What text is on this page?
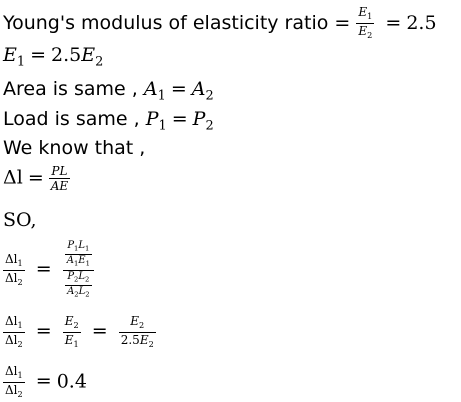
Young's modulus of elasticity ratio = $\frac{E_1}{E_2} = 2.5$
$E_1 = 2.5E_2$
Area is same , $A_1 = A_2$
Load is same , $P_1 = P_2$
We know that ,
$\Delta l = \frac{PL}{AE}$
SO,
$\frac{\Delta l_1}{\Delta l_2} = \frac{\frac{P_1L_1}{A_1E_1}}{\frac{P_2L_2}{A_2L_2}}$
$\frac{\Delta l_1}{\Delta l_2} = \frac{E_2}{E_1} = \frac{E_2}{2.5E_2}$
$\frac{\Delta l_1}{\Delta l_2} = 0.4$
